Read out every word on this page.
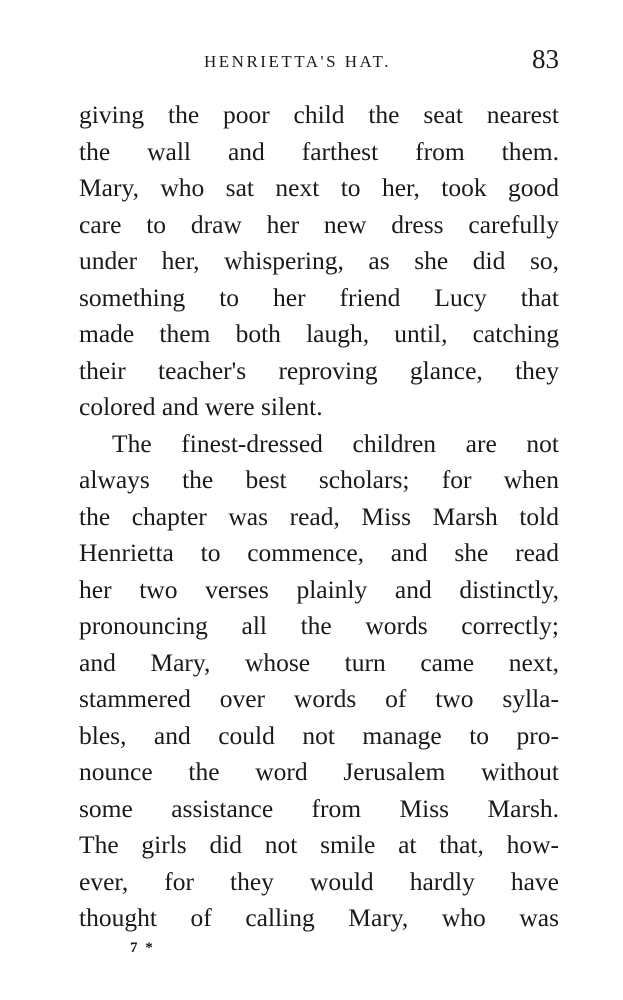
HENRIETTA'S HAT.	83
giving the poor child the seat nearest
the wall and farthest from them.
Mary, who sat next to her, took good
care to draw her new dress carefully
under her, whispering, as she did so,
something to her friend Lucy that
made them both laugh, until, catching
their teacher's reproving glance, they
colored and were silent.
The finest-dressed children are not
always the best scholars; for when
the chapter was read, Miss Marsh told
Henrietta to commence, and she read
her two verses plainly and distinctly,
pronouncing all the words correctly;
and Mary, whose turn came next,
stammered over words of two sylla-
bles, and could not manage to pro-
nounce the word Jerusalem without
some assistance from Miss Marsh.
The girls did not smile at that, how-
ever, for they would hardly have
thought of calling Mary, who was
7 *
